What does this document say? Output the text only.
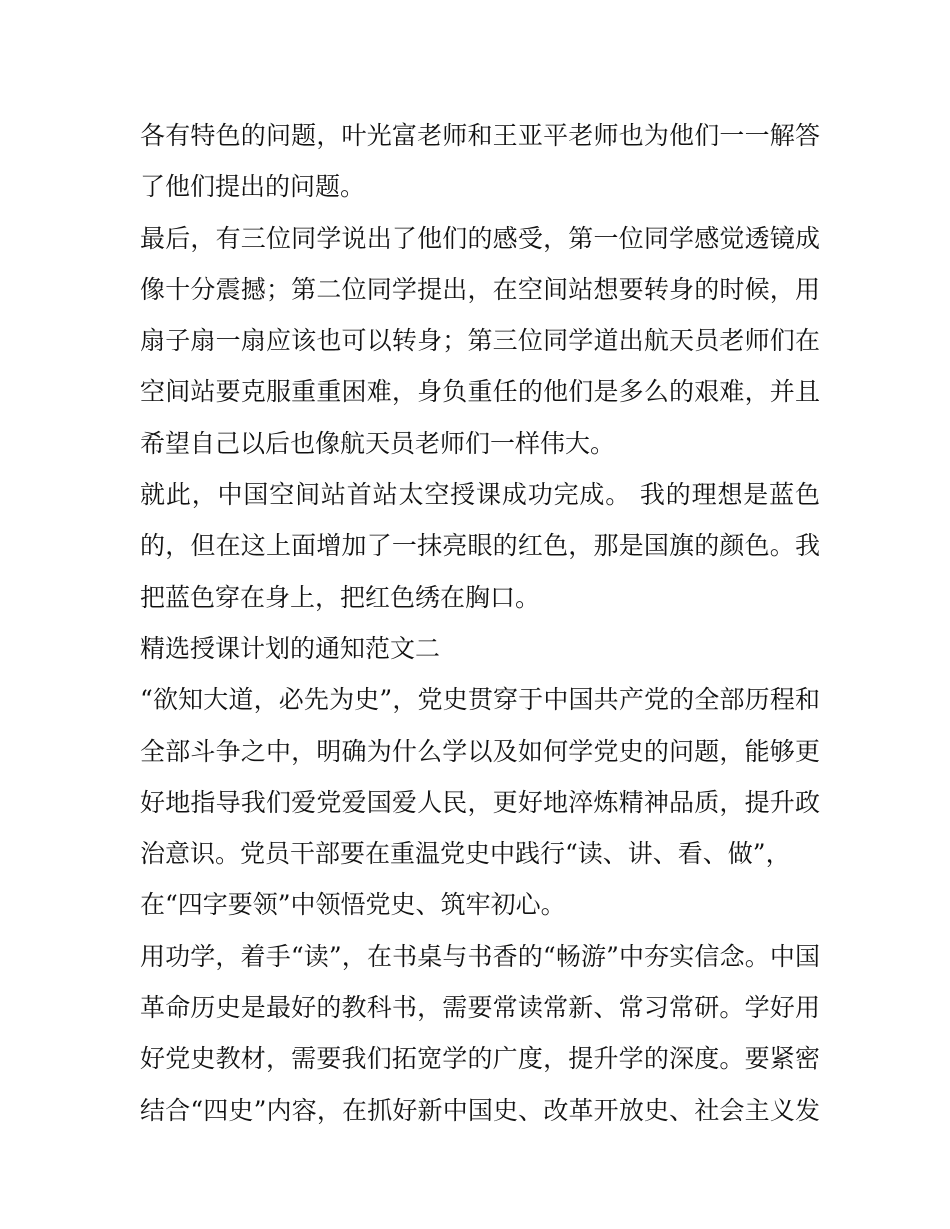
各有特色的问题，叶光富老师和王亚平老师也为他们一一解答
了他们提出的问题。
最后，有三位同学说出了他们的感受，第一位同学感觉透镜成
像十分震撼；第二位同学提出，在空间站想要转身的时候，用
扇子扇一扇应该也可以转身；第三位同学道出航天员老师们在
空间站要克服重重困难，身负重任的他们是多么的艰难，并且
希望自己以后也像航天员老师们一样伟大。
就此，中国空间站首站太空授课成功完成。 我的理想是蓝色
的，但在这上面增加了一抹亮眼的红色，那是国旗的颜色。我
把蓝色穿在身上，把红色绣在胸口。
精选授课计划的通知范文二
“欲知大道，必先为史”，党史贯穿于中国共产党的全部历程和
全部斗争之中，明确为什么学以及如何学党史的问题，能够更
好地指导我们爱党爱国爱人民，更好地淬炼精神品质，提升政
治意识。党员干部要在重温党史中践行“读、讲、看、做”，
在“四字要领”中领悟党史、筑牢初心。
用功学，着手“读”，在书桌与书香的“畅游”中夯实信念。中国
革命历史是最好的教科书，需要常读常新、常习常研。学好用
好党史教材，需要我们拓宽学的广度，提升学的深度。要紧密
结合“四史”内容，在抓好新中国史、改革开放史、社会主义发
